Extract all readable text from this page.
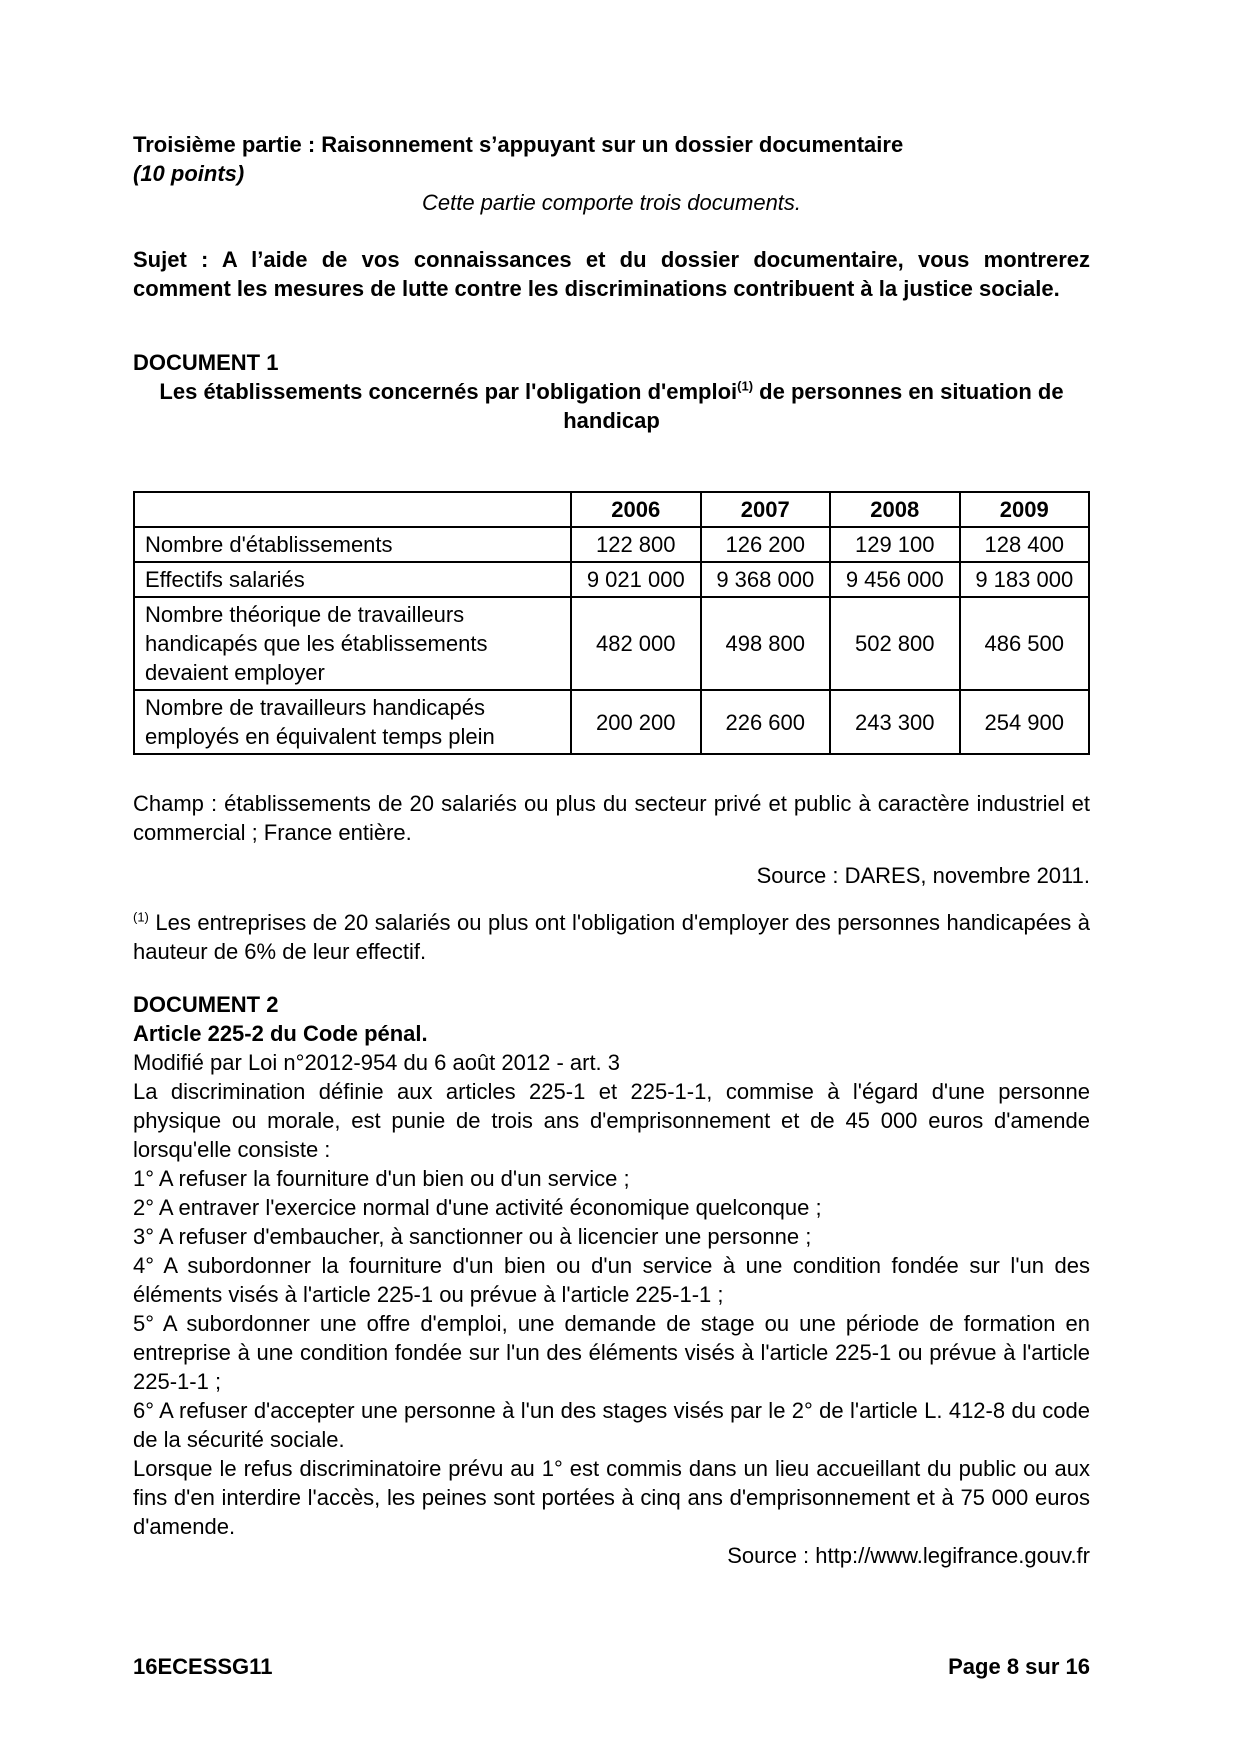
Troisième partie : Raisonnement s’appuyant sur un dossier documentaire
(10 points)

Cette partie comporte trois documents.

Sujet : A l’aide de vos connaissances et du dossier documentaire, vous montrerez comment les mesures de lutte contre les discriminations contribuent à la justice sociale.

DOCUMENT 1

Les établissements concernés par l'obligation d'emploi$^{(1)}$ de personnes en situation de handicap

	2006	2007	2008	2009
Nombre d'établissements	122 800	126 200	129 100	128 400
Effectifs salariés	9 021 000	9 368 000	9 456 000	9 183 000
Nombre théorique de travailleurs handicapés que les établissements devaient employer	482 000	498 800	502 800	486 500
Nombre de travailleurs handicapés employés en équivalent temps plein	200 200	226 600	243 300	254 900

Champ : établissements de 20 salariés ou plus du secteur privé et public à caractère industriel et commercial ; France entière.

Source : DARES, novembre 2011.

$^{(1)}$ Les entreprises de 20 salariés ou plus ont l'obligation d'employer des personnes handicapées à hauteur de 6% de leur effectif.

DOCUMENT 2

Article 225-2 du Code pénal.

Modifié par Loi n°2012-954 du 6 août 2012 - art. 3

La discrimination définie aux articles 225-1 et 225-1-1, commise à l'égard d'une personne physique ou morale, est punie de trois ans d'emprisonnement et de 45 000 euros d'amende lorsqu'elle consiste :

1° A refuser la fourniture d'un bien ou d'un service ;

2° A entraver l'exercice normal d'une activité économique quelconque ;

3° A refuser d'embaucher, à sanctionner ou à licencier une personne ;

4° A subordonner la fourniture d'un bien ou d'un service à une condition fondée sur l'un des éléments visés à l'article 225-1 ou prévue à l'article 225-1-1 ;

5° A subordonner une offre d'emploi, une demande de stage ou une période de formation en entreprise à une condition fondée sur l'un des éléments visés à l'article 225-1 ou prévue à l'article 225-1-1 ;

6° A refuser d'accepter une personne à l'un des stages visés par le 2° de l'article L. 412-8 du code de la sécurité sociale.

Lorsque le refus discriminatoire prévu au 1° est commis dans un lieu accueillant du public ou aux fins d'en interdire l'accès, les peines sont portées à cinq ans d'emprisonnement et à 75 000 euros d'amende.

Source : http://www.legifrance.gouv.fr

16ECESSG11	Page 8 sur 16
